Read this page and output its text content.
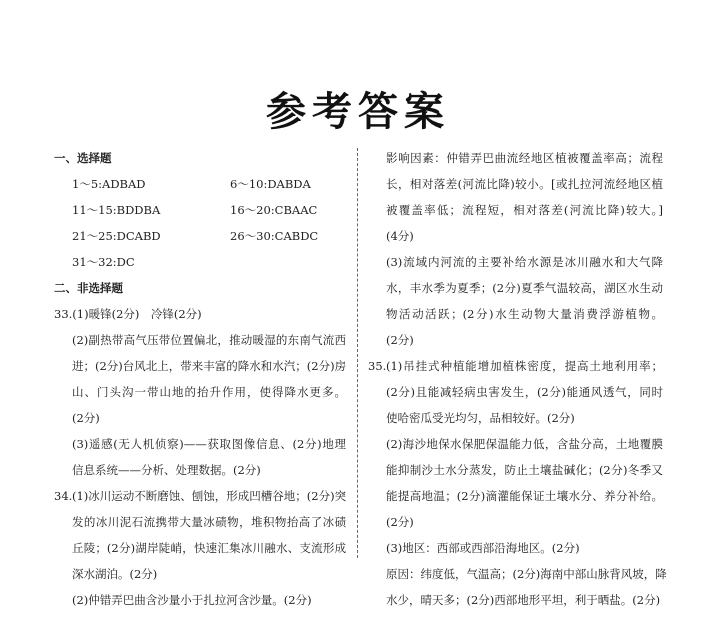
参考答案
一、选择题
1～5:ADBAD	6～10:DABDA
11～15:BDDBA	16～20:CBAAC
21～25:DCABD	26～30:CABDC
31～32:DC
二、非选择题
33.(1)暖锋(2分)　冷锋(2分)
(2)副热带高气压带位置偏北，推动暖湿的东南气流西
进；(2分)台风北上，带来丰富的降水和水汽；(2分)房
山、门头沟一带山地的抬升作用，使得降水更多。
(2分)
(3)遥感(无人机侦察)——获取图像信息、(2分)地理
信息系统——分析、处理数据。(2分)
34. (1)冰川运动不断磨蚀、刨蚀，形成凹槽谷地；(2分)突
发的冰川泥石流携带大量冰碛物，堆积物抬高了冰碛
丘陵；(2分)湖岸陡峭，快速汇集冰川融水、支流形成
深水湖泊。(2分)
(2)仲错弄巴曲含沙量小于扎拉河含沙量。(2分)
影响因素：仲错弄巴曲流经地区植被覆盖率高；流程
长，相对落差(河流比降)较小。[或扎拉河流经地区植
被覆盖率低；流程短，相对落差(河流比降)较大。]
(4分)
(3)流域内河流的主要补给水源是冰川融水和大气降
水，丰水季为夏季；(2分)夏季气温较高，湖区水生动
物活动活跃；(2分)水生动物大量消费浮游植物。
(2分)
35. (1)吊挂式种植能增加植株密度，提高土地利用率；
(2分)且能减轻病虫害发生，(2分)能通风透气，同时
使哈密瓜受光均匀，品相较好。(2分)
(2)海沙地保水保肥保温能力低，含盐分高，土地覆膜
能抑制沙土水分蒸发，防止土壤盐碱化；(2分)冬季又
能提高地温；(2分)滴灌能保证土壤水分、养分补给。
(2分)
(3)地区：西部或西部沿海地区。(2分)
原因：纬度低，气温高；(2分)海南中部山脉背风坡，降
水少，晴天多；(2分)西部地形平坦，利于晒盐。(2分)
